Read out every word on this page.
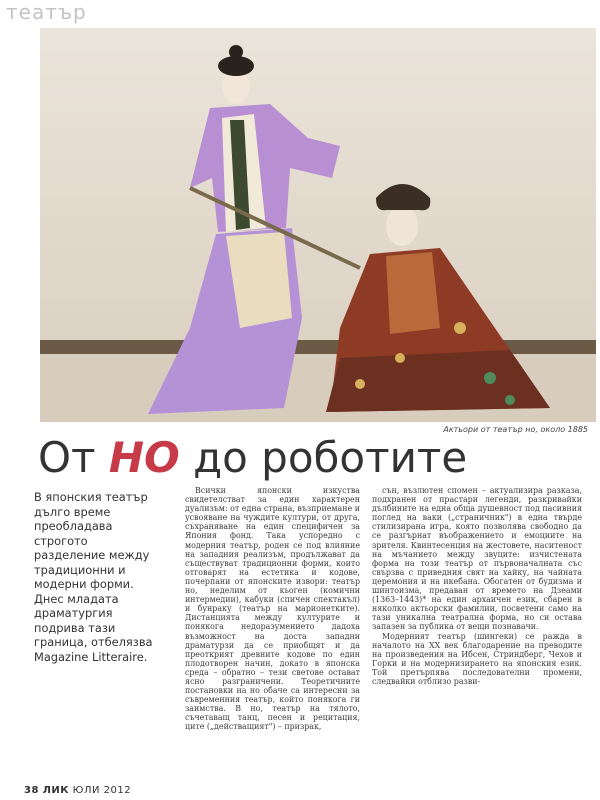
театър
Актьори от театър но, около 1885
От НО до роботите
В японския театър дълго време преобладава строгото разделение между традиционни и модерни форми. Днес младата драматургия подрива тази граница, отбелязва Magazine Litteraire.

Всички японски изкуства свидетелстват за един характерен дуализъм: от една страна, възприемане и усвояване на чуждите култури, от друга, съхраняване на един специфичен за Япония фонд. Така успоредно с модерния театър, роден се под влияние на западния реализъм, продължават да съществуват традиционни форми, които отговарят на естетика и кодове, почерпани от японските извори: театър но, неделим от кьоген (комични интермедии), кабуки (спичен спектакъл) и бунраку (театър на марионетките). Дистанцията между културите и понякога недоразумението дадоха възможност на доста западни драматурзи да се приобщят и да преоткрият древните кодове по един плодотворен начин, докато в японска среда – обратно – тези светове остават ясно разграничени. Теоретичните постановки на но обаче са интересни за съвременния театър, който понякога ги заимства. В но, театър на тялото, съчетаващ танц, песен и рецитация, ците („действащият") – призрак,

сън, възлютен спомен – актуализира разказа, подхранен от прастари легенди, разкривайки дълбините на една обща душевност под пасивния поглед на ваки („страничник") в една твърде стилизирана игра, която позволява свободно да се разгърнат въображението и емоциите на зрителя. Квинтесенция на жестовете, наситеност на мъчанието между звуците: изчистената форма на този театър от първоначалната със свързва с приведния свят на хайку, на чайната церемония и на икебана. Обогатен от будизма и шинтоизма, предаван от времето на Дзеами (1363–1443)* на един архаичен език, сбарен в няколко актьорски фамилии, посветени само на тази уникална театрална форма, но си остава запазен за публика от вещи познавачи.

Модерният театър (шингеки) се ражда в началото на XX век благодарение на преводите на произведения на Ибсен, Стриндберг, Чехов и Горки и на модернизирането на японския език. Той претърпява последователни промени, следвайки отблизо разви-

38 ЛИК ЮЛИ 2012
